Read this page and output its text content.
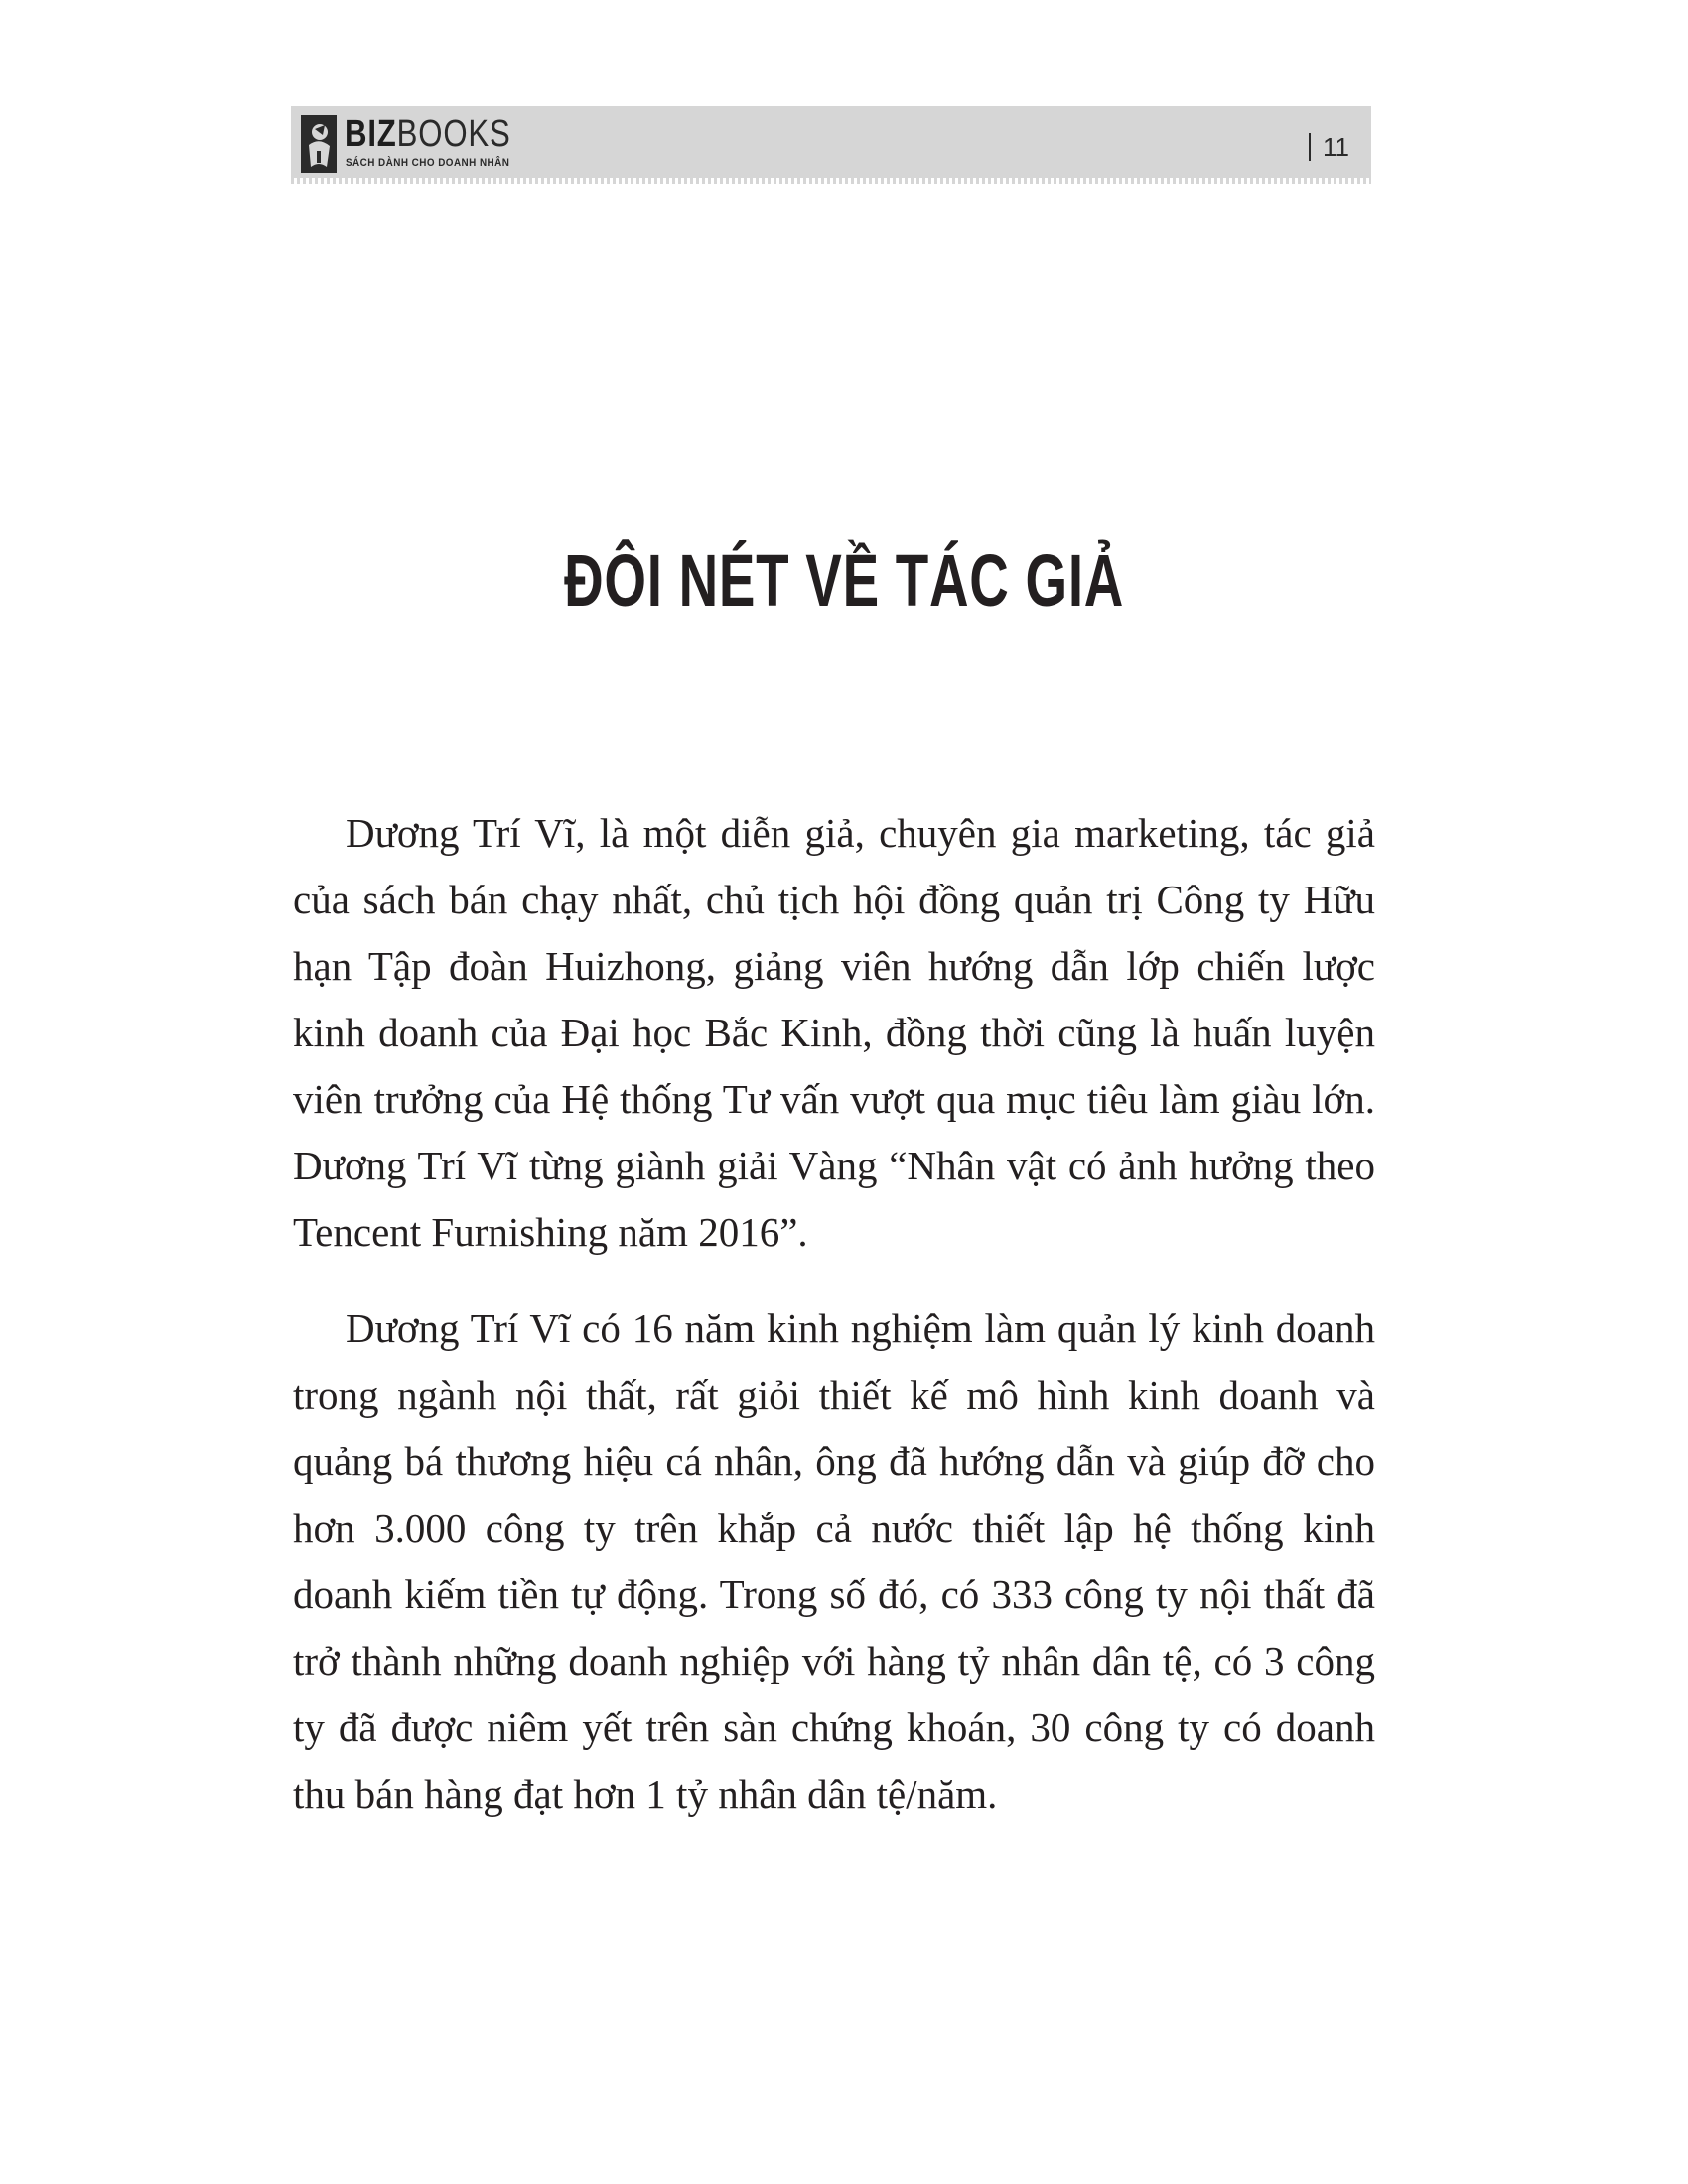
BIZBOOKS
SÁCH DÀNH CHO DOANH NHÂN
11
ĐÔI NÉT VỀ TÁC GIẢ

Dương Trí Vĩ, là một diễn giả, chuyên gia marketing, tác giả của sách bán chạy nhất, chủ tịch hội đồng quản trị Công ty Hữu hạn Tập đoàn Huizhong, giảng viên hướng dẫn lớp chiến lược kinh doanh của Đại học Bắc Kinh, đồng thời cũng là huấn luyện viên trưởng của Hệ thống Tư vấn vượt qua mục tiêu làm giàu lớn. Dương Trí Vĩ từng giành giải Vàng “Nhân vật có ảnh hưởng theo Tencent Furnishing năm 2016”.

Dương Trí Vĩ có 16 năm kinh nghiệm làm quản lý kinh doanh trong ngành nội thất, rất giỏi thiết kế mô hình kinh doanh và quảng bá thương hiệu cá nhân, ông đã hướng dẫn và giúp đỡ cho hơn 3.000 công ty trên khắp cả nước thiết lập hệ thống kinh doanh kiếm tiền tự động. Trong số đó, có 333 công ty nội thất đã trở thành những doanh nghiệp với hàng tỷ nhân dân tệ, có 3 công ty đã được niêm yết trên sàn chứng khoán, 30 công ty có doanh thu bán hàng đạt hơn 1 tỷ nhân dân tệ/năm.
